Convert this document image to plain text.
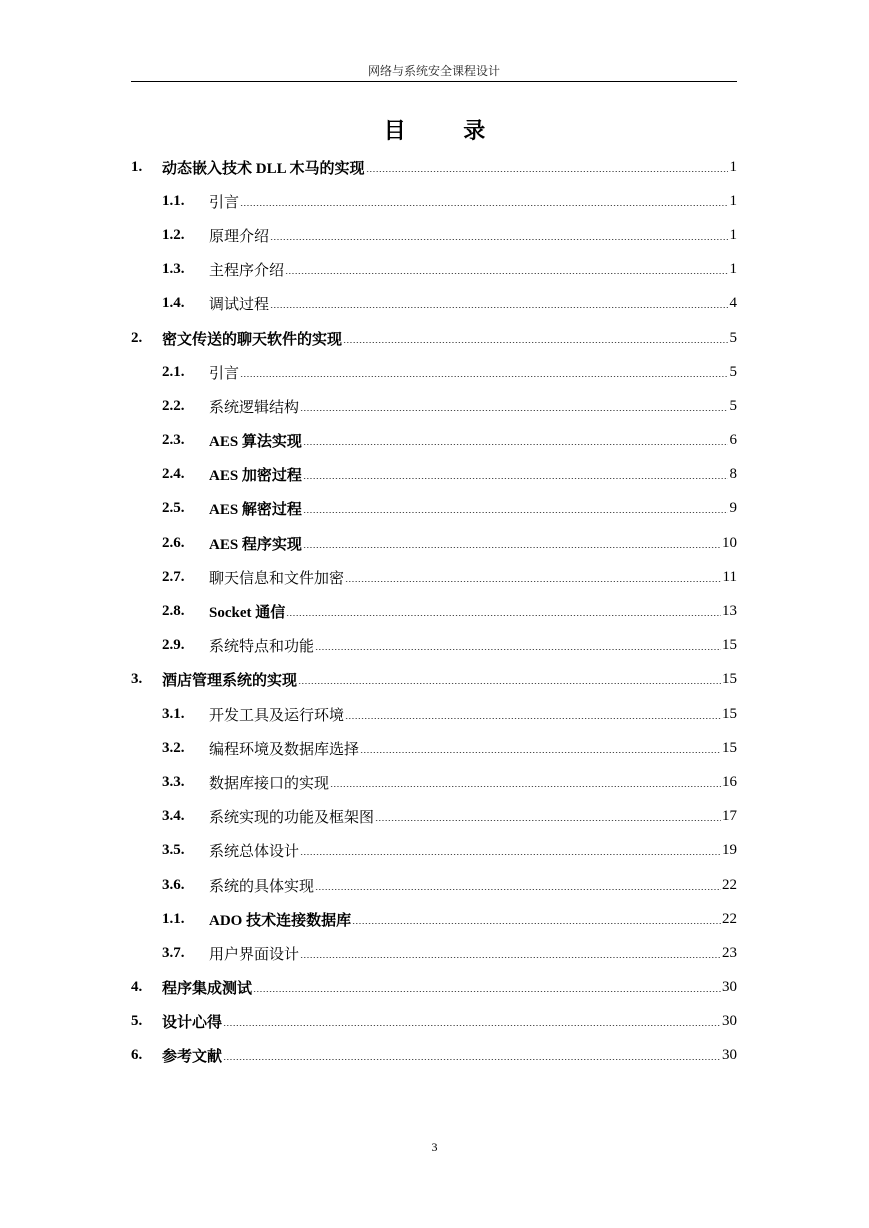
网络与系统安全课程设计
目 录
1.	动态嵌入技术 DLL 木马的实现	1
1.1.	引言	1
1.2.	原理介绍	1
1.3.	主程序介绍	1
1.4.	调试过程	4
2.	密文传送的聊天软件的实现	5
2.1.	引言	5
2.2.	系统逻辑结构	5
2.3.	AES 算法实现	6
2.4.	AES 加密过程	8
2.5.	AES 解密过程	9
2.6.	AES 程序实现	10
2.7.	聊天信息和文件加密	11
2.8.	Socket 通信	13
2.9.	系统特点和功能	15
3.	酒店管理系统的实现	15
3.1.	开发工具及运行环境	15
3.2.	编程环境及数据库选择	15
3.3.	数据库接口的实现	16
3.4.	系统实现的功能及框架图	17
3.5.	系统总体设计	19
3.6.	系统的具体实现	22
1.1.	ADO 技术连接数据库	22
3.7.	用户界面设计	23
4.	程序集成测试	30
5.	设计心得	30
6.	参考文献	30
3
